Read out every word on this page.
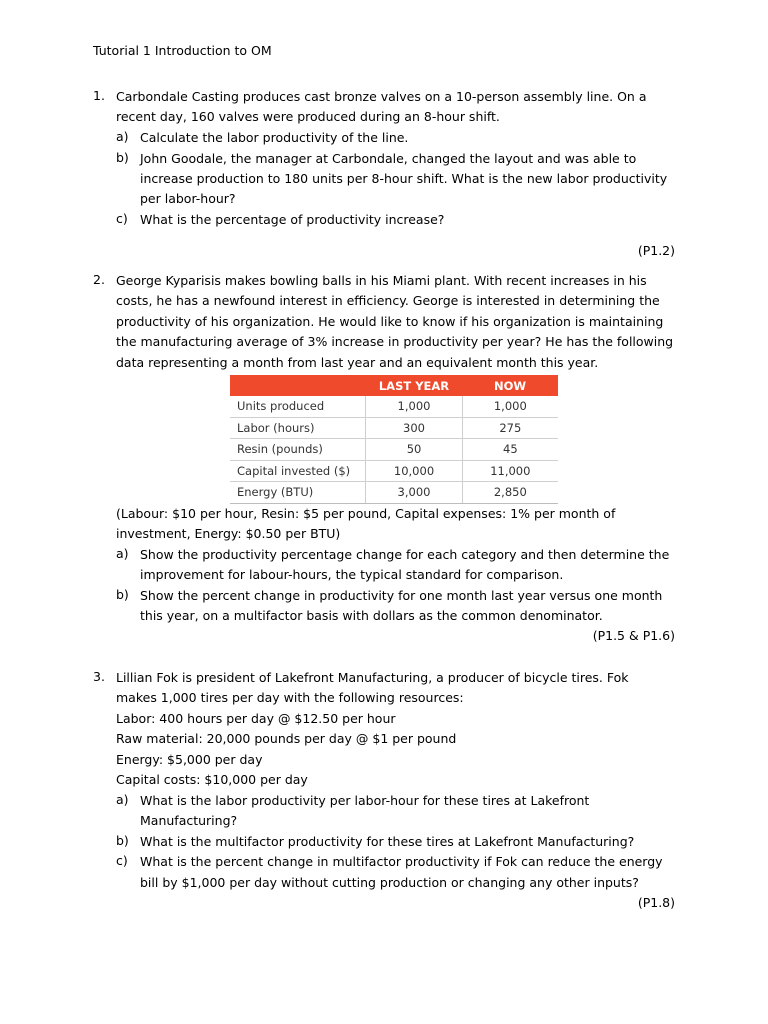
Tutorial 1 Introduction to OM
1. Carbondale Casting produces cast bronze valves on a 10-person assembly line. On a
recent day, 160 valves were produced during an 8-hour shift.
a) Calculate the labor productivity of the line.
b) John Goodale, the manager at Carbondale, changed the layout and was able to
increase production to 180 units per 8-hour shift. What is the new labor productivity
per labor-hour?
c) What is the percentage of productivity increase?
(P1.2)
2. George Kyparisis makes bowling balls in his Miami plant. With recent increases in his
costs, he has a newfound interest in efficiency. George is interested in determining the
productivity of his organization. He would like to know if his organization is maintaining
the manufacturing average of 3% increase in productivity per year? He has the following
data representing a month from last year and an equivalent month this year.
	LAST YEAR	NOW
Units produced	1,000	1,000
Labor (hours)	300	275
Resin (pounds)	50	45
Capital invested ($)	10,000	11,000
Energy (BTU)	3,000	2,850
(Labour: $10 per hour, Resin: $5 per pound, Capital expenses: 1% per month of
investment, Energy: $0.50 per BTU)
a) Show the productivity percentage change for each category and then determine the
improvement for labour-hours, the typical standard for comparison.
b) Show the percent change in productivity for one month last year versus one month
this year, on a multifactor basis with dollars as the common denominator.
(P1.5 & P1.6)
3. Lillian Fok is president of Lakefront Manufacturing, a producer of bicycle tires. Fok
makes 1,000 tires per day with the following resources:
Labor: 400 hours per day @ $12.50 per hour
Raw material: 20,000 pounds per day @ $1 per pound
Energy: $5,000 per day
Capital costs: $10,000 per day
a) What is the labor productivity per labor-hour for these tires at Lakefront
Manufacturing?
b) What is the multifactor productivity for these tires at Lakefront Manufacturing?
c) What is the percent change in multifactor productivity if Fok can reduce the energy
bill by $1,000 per day without cutting production or changing any other inputs?
(P1.8)
